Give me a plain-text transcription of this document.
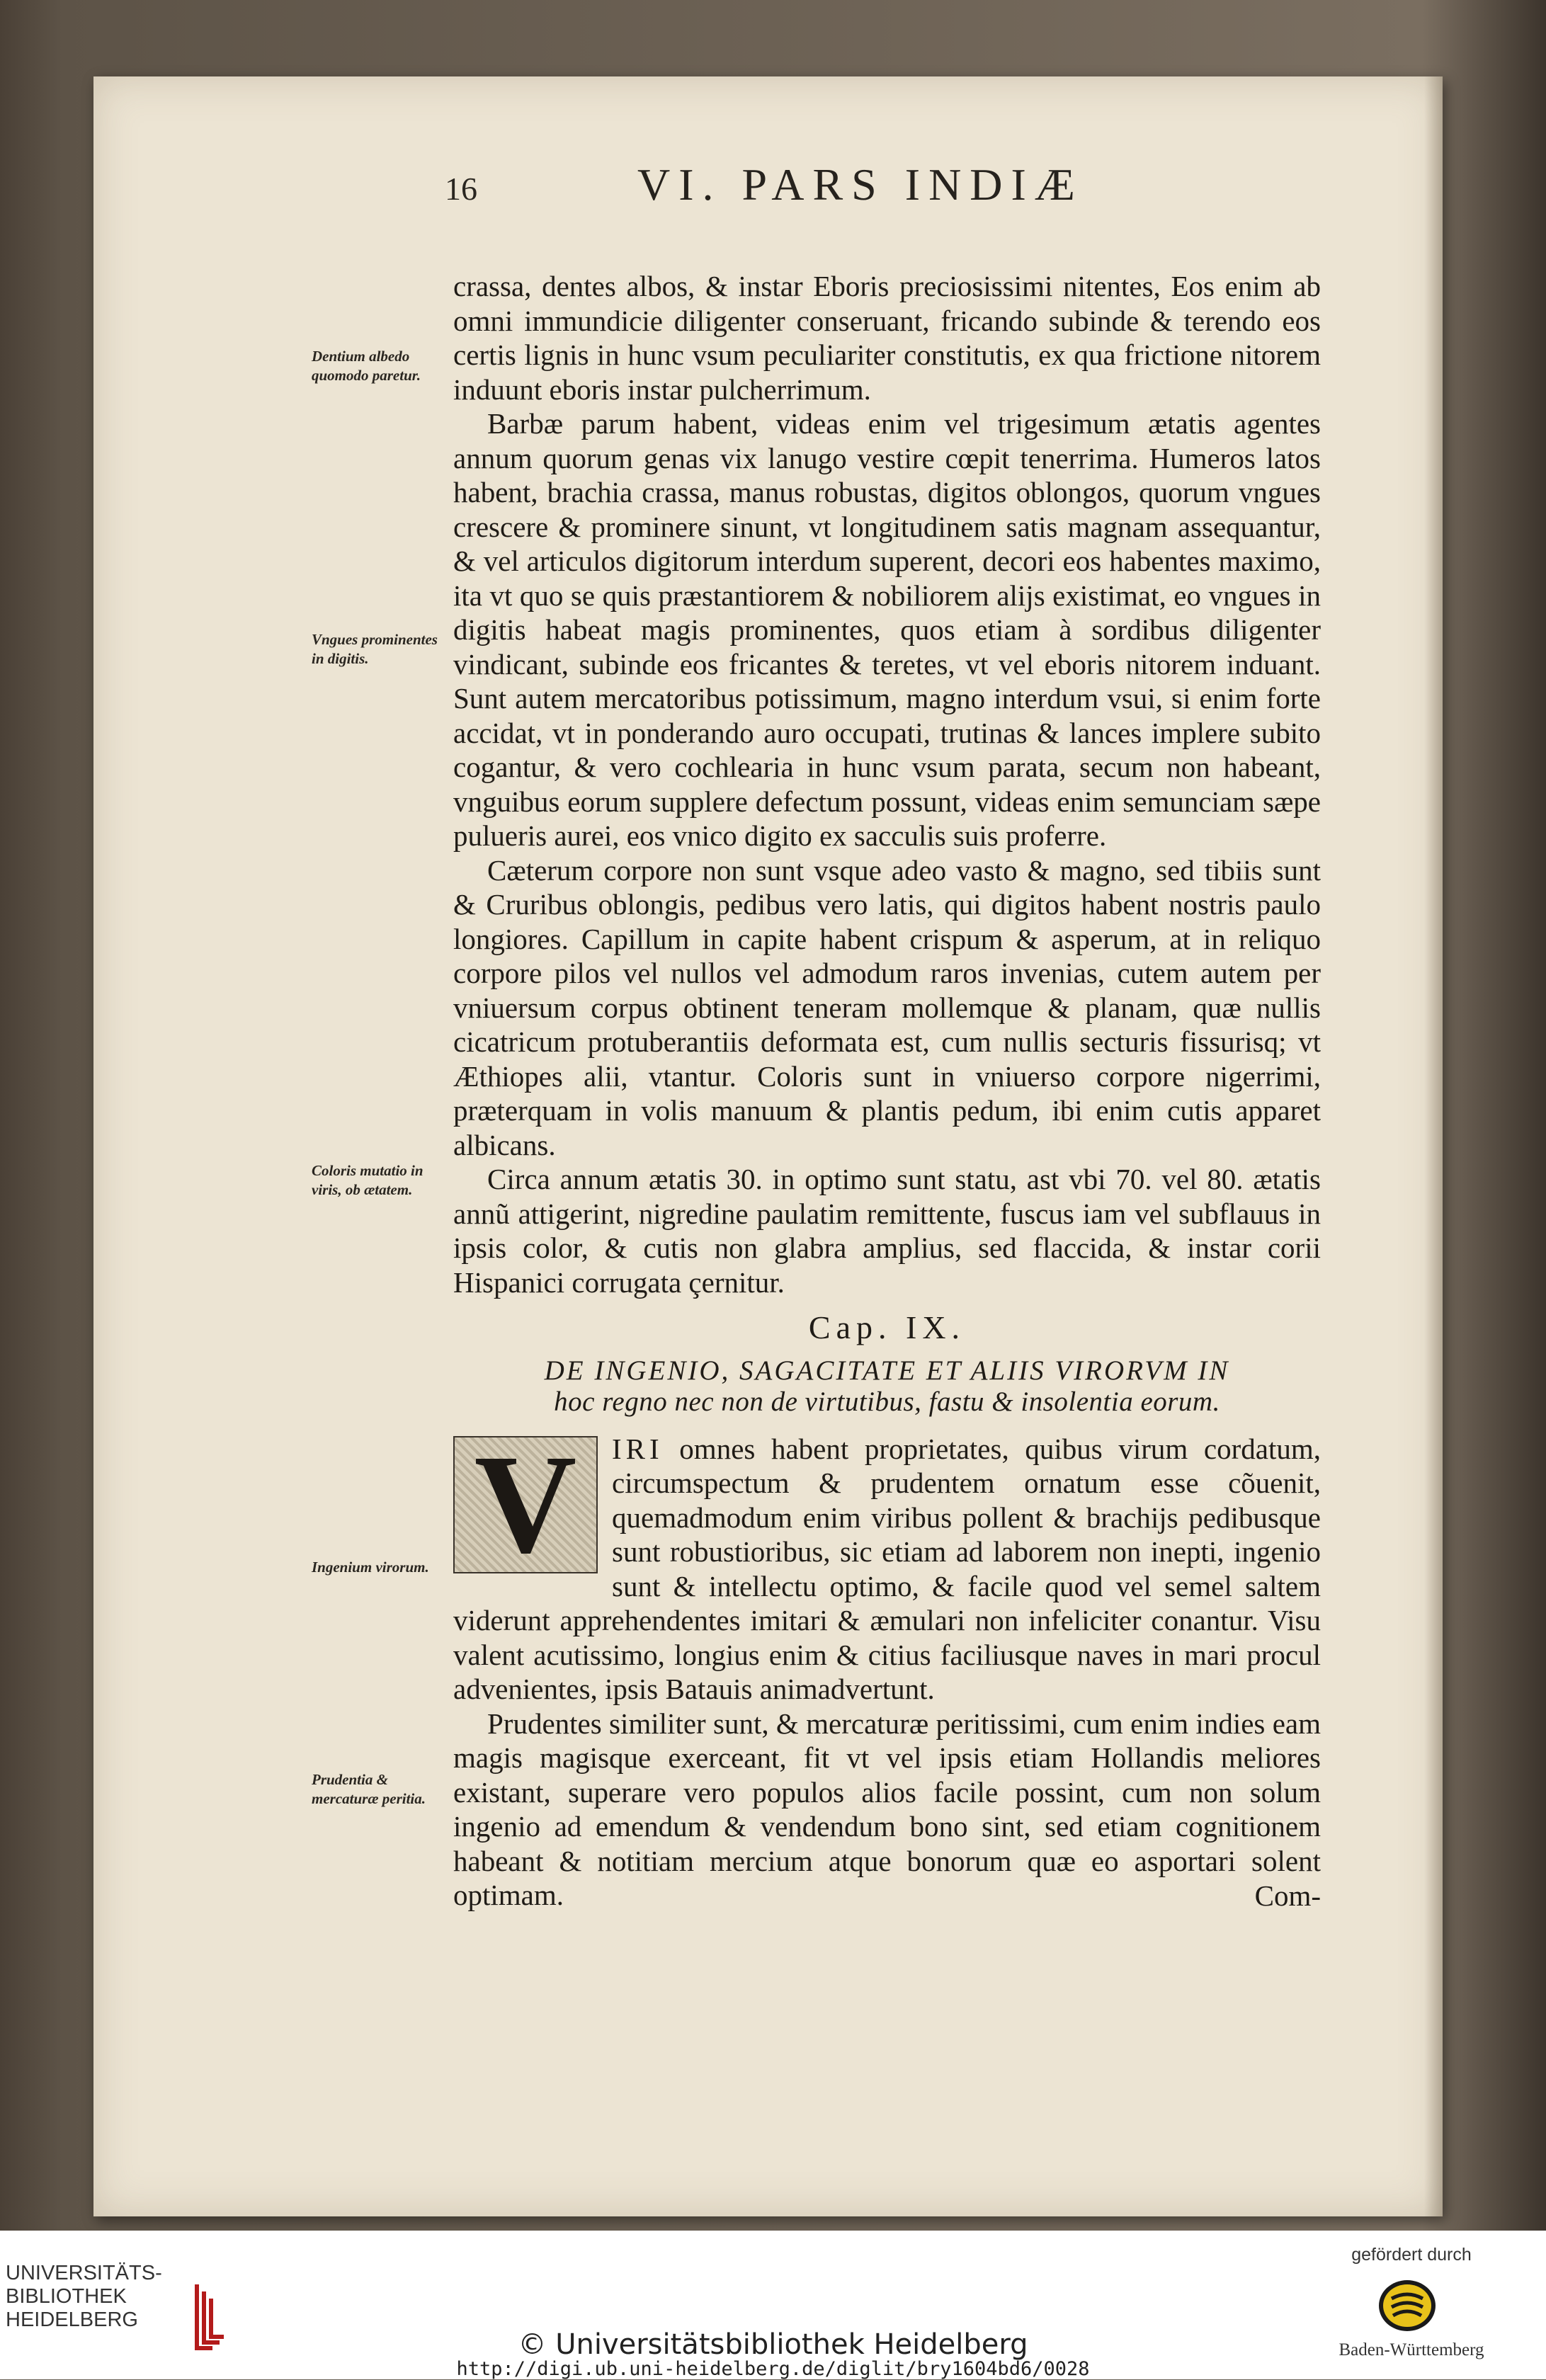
16	VI. PARS INDIÆ
Dentium albedo quomodo paretur.
Vngues prominentes in digitis.
Coloris mutatio in viris, ob ætatem.
Ingenium virorum.
Prudentia & mercaturæ peritia.

crassa, dentes albos, & instar Eboris preciosissimi nitentes, Eos enim ab omni immundicie diligenter conseruant, fricando subinde & terendo eos certis lignis in hunc vsum peculiariter constitutis, ex qua frictione nitorem induunt eboris instar pulcherrimum.

Barbæ parum habent, videas enim vel trigesimum ætatis agentes annum quorum genas vix lanugo vestire cœpit tenerrima. Humeros latos habent, brachia crassa, manus robustas, digitos oblongos, quorum vngues crescere & prominere sinunt, vt longitudinem satis magnam assequantur, & vel articulos digitorum interdum superent, decori eos habentes maximo, ita vt quo se quis præstantiorem & nobiliorem alijs existimat, eo vngues in digitis habeat magis prominentes, quos etiam à sordibus diligenter vindicant, subinde eos fricantes & teretes, vt vel eboris nitorem induant. Sunt autem mercatoribus potissimum, magno interdum vsui, si enim forte accidat, vt in ponderando auro occupati, trutinas & lances implere subito cogantur, & vero cochlearia in hunc vsum parata, secum non habeant, vnguibus eorum supplere defectum possunt, videas enim semunciam sæpe pulueris aurei, eos vnico digito ex sacculis suis proferre.

Cæterum corpore non sunt vsque adeo vasto & magno, sed tibiis sunt & Cruribus oblongis, pedibus vero latis, qui digitos habent nostris paulo longiores. Capillum in capite habent crispum & asperum, at in reliquo corpore pilos vel nullos vel admodum raros invenias, cutem autem per vniuersum corpus obtinent teneram mollemque & planam, quæ nullis cicatricum protuberantiis deformata est, cum nullis secturis fissurisq; vt Æthiopes alii, vtantur. Coloris sunt in vniuerso corpore nigerrimi, præterquam in volis manuum & plantis pedum, ibi enim cutis apparet albicans.

Circa annum ætatis 30. in optimo sunt statu, ast vbi 70. vel 80. ætatis annũ attigerint, nigredine paulatim remittente, fuscus iam vel subflauus in ipsis color, & cutis non glabra amplius, sed flaccida, & instar corii Hispanici corrugata çernitur.

Cap. IX.
DE INGENIO, SAGACITATE ET ALIIS VIRORVM IN
hoc regno nec non de virtutibus, fastu & insolentia eorum.

V IRI omnes habent proprietates, quibus virum cordatum, circumspectum & prudentem ornatum esse cõuenit, quemadmodum enim viribus pollent & brachijs pedibusque sunt robustioribus, sic etiam ad laborem non inepti, ingenio sunt & intellectu optimo, & facile quod vel semel saltem viderunt apprehendentes imitari & æmulari non infeliciter conantur. Visu valent acutissimo, longius enim & citius faciliusque naves in mari procul advenientes, ipsis Batauis animadvertunt.

Prudentes similiter sunt, & mercaturæ peritissimi, cum enim indies eam magis magisque exerceant, fit vt vel ipsis etiam Hollandis meliores existant, superare vero populos alios facile possint, cum non solum ingenio ad emendum & vendendum bono sint, sed etiam cognitionem habeant & notitiam mercium atque bonorum quæ eo asportari solent optimam.	Com-

UNIVERSITÄTS-
BIBLIOTHEK
HEIDELBERG
© Universitätsbibliothek Heidelberg
http://digi.ub.uni-heidelberg.de/diglit/bry1604bd6/0028
gefördert durch
Baden-Württemberg
